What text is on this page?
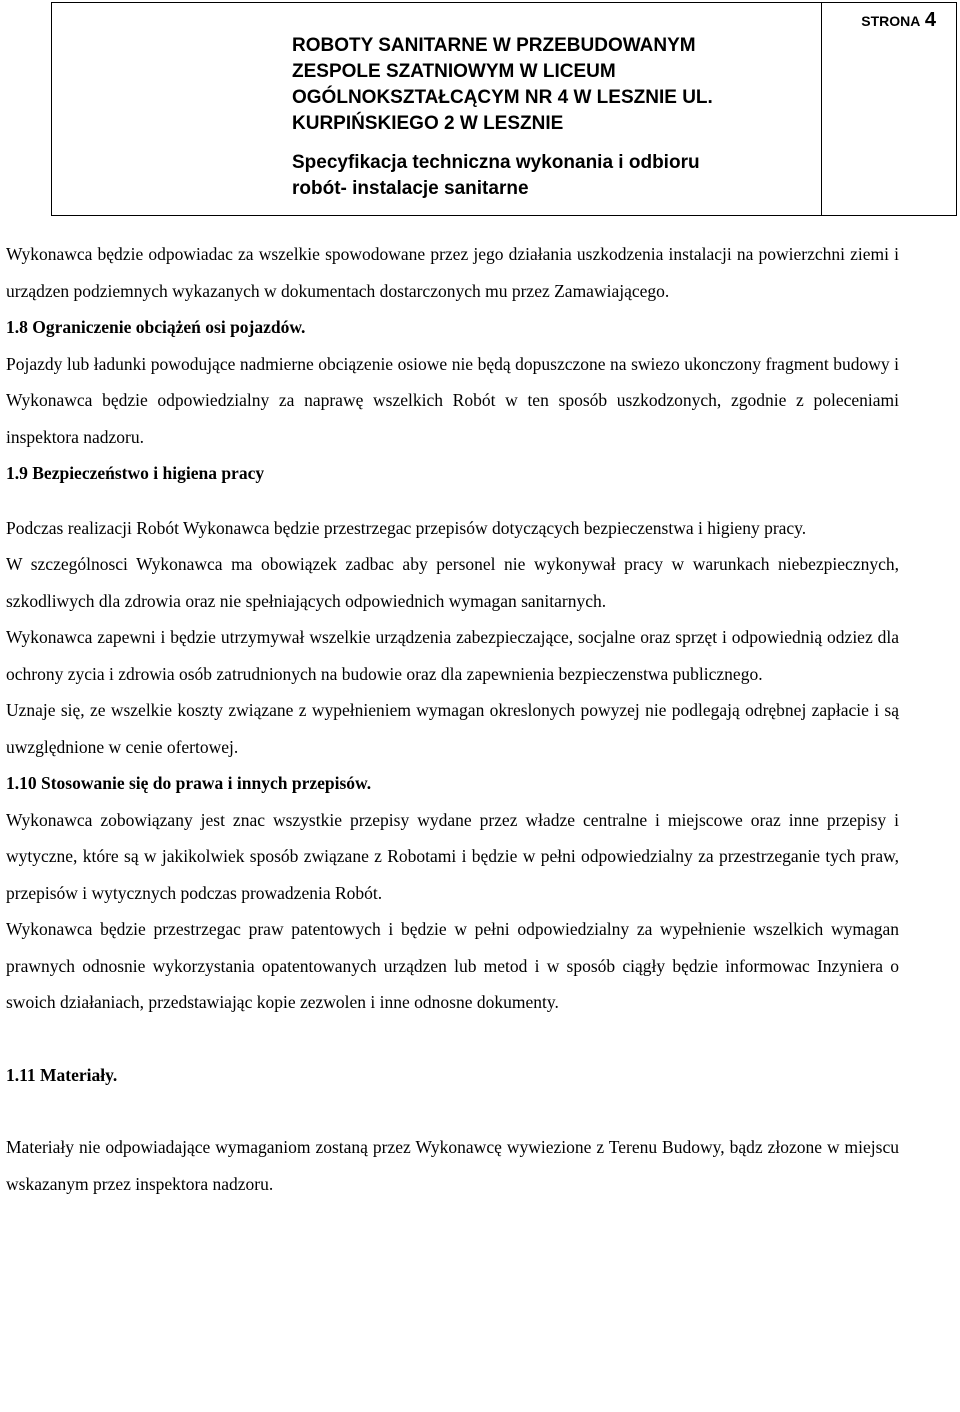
ROBOTY SANITARNE W PRZEBUDOWANYM
ZESPOLE SZATNIOWYM W LICEUM
OGÓLNOKSZTAŁCĄCYM NR 4 W LESZNIE UL.
KURPIŃSKIEGO 2 W LESZNIE
Specyfikacja techniczna wykonania i odbioru
robót- instalacje sanitarne
STRONA 4

Wykonawca będzie odpowiadac za wszelkie spowodowane przez jego działania uszkodzenia instalacji na powierzchni ziemi i urządzen podziemnych wykazanych w dokumentach dostarczonych mu przez Zamawiającego.

1.8 Ograniczenie obciążeń osi pojazdów.

Pojazdy lub ładunki powodujące nadmierne obciązenie osiowe nie będą dopuszczone na swiezo ukonczony fragment budowy i Wykonawca będzie odpowiedzialny za naprawę wszelkich Robót w ten sposób uszkodzonych, zgodnie z poleceniami inspektora nadzoru.

1.9 Bezpieczeństwo i higiena pracy

Podczas realizacji Robót Wykonawca będzie przestrzegac przepisów dotyczących bezpieczenstwa i higieny pracy.

W szczególnosci Wykonawca ma obowiązek zadbac aby personel nie wykonywał pracy w warunkach niebezpiecznych, szkodliwych dla zdrowia oraz nie spełniających odpowiednich wymagan sanitarnych.

Wykonawca zapewni i będzie utrzymywał wszelkie urządzenia zabezpieczające, socjalne oraz sprzęt i odpowiednią odziez dla ochrony zycia i zdrowia osób zatrudnionych na budowie oraz dla zapewnienia bezpieczenstwa publicznego.

Uznaje się, ze wszelkie koszty związane z wypełnieniem wymagan okreslonych powyzej nie podlegają odrębnej zapłacie i są uwzględnione w cenie ofertowej.

1.10 Stosowanie się do prawa i innych przepisów.

Wykonawca zobowiązany jest znac wszystkie przepisy wydane przez władze centralne i miejscowe oraz inne przepisy i wytyczne, które są w jakikolwiek sposób związane z Robotami i będzie w pełni odpowiedzialny za przestrzeganie tych praw, przepisów i wytycznych podczas prowadzenia Robót.

Wykonawca będzie przestrzegac praw patentowych i będzie w pełni odpowiedzialny za wypełnienie wszelkich wymagan prawnych odnosnie wykorzystania opatentowanych urządzen lub metod i w sposób ciągły będzie informowac Inzyniera o swoich działaniach, przedstawiając kopie zezwolen i inne odnosne dokumenty.

1.11 Materiały.

Materiały nie odpowiadające wymaganiom zostaną przez Wykonawcę wywiezione z Terenu Budowy, bądz złozone w miejscu wskazanym przez inspektora nadzoru.
